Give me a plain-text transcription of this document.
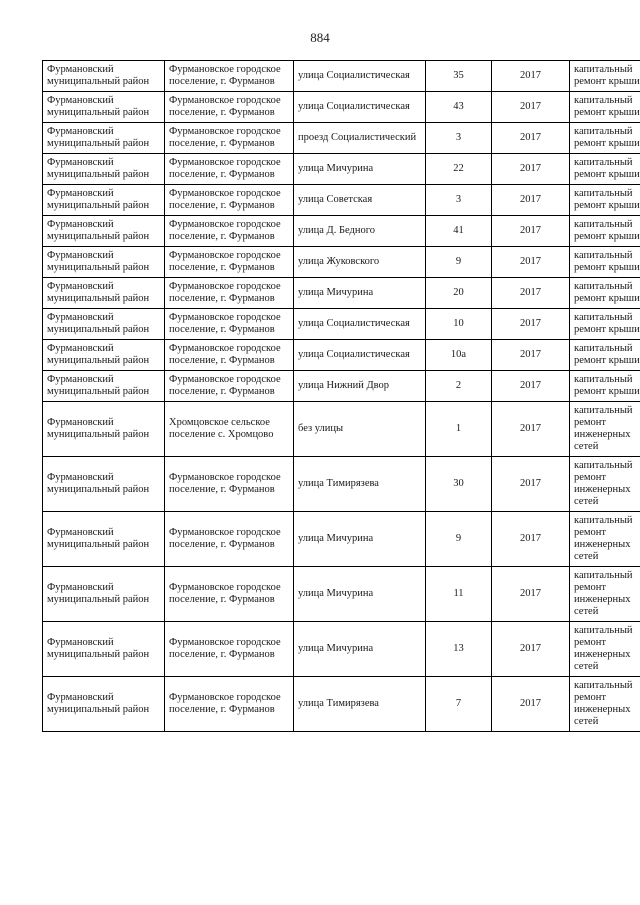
884
Фурмановский муниципальный район	Фурмановское городское поселение, г. Фурманов	улица Социалистическая	35	2017	капитальный ремонт крыши
Фурмановский муниципальный район	Фурмановское городское поселение, г. Фурманов	улица Социалистическая	43	2017	капитальный ремонт крыши
Фурмановский муниципальный район	Фурмановское городское поселение, г. Фурманов	проезд Социалистический	3	2017	капитальный ремонт крыши
Фурмановский муниципальный район	Фурмановское городское поселение, г. Фурманов	улица Мичурина	22	2017	капитальный ремонт крыши
Фурмановский муниципальный район	Фурмановское городское поселение, г. Фурманов	улица Советская	3	2017	капитальный ремонт крыши
Фурмановский муниципальный район	Фурмановское городское поселение, г. Фурманов	улица Д. Бедного	41	2017	капитальный ремонт крыши
Фурмановский муниципальный район	Фурмановское городское поселение, г. Фурманов	улица Жуковского	9	2017	капитальный ремонт крыши
Фурмановский муниципальный район	Фурмановское городское поселение, г. Фурманов	улица Мичурина	20	2017	капитальный ремонт крыши
Фурмановский муниципальный район	Фурмановское городское поселение, г. Фурманов	улица Социалистическая	10	2017	капитальный ремонт крыши
Фурмановский муниципальный район	Фурмановское городское поселение, г. Фурманов	улица Социалистическая	10а	2017	капитальный ремонт крыши
Фурмановский муниципальный район	Фурмановское городское поселение, г. Фурманов	улица Нижний Двор	2	2017	капитальный ремонт крыши
Фурмановский муниципальный район	Хромцовское сельское поселение с. Хромцово	без улицы	1	2017	капитальный ремонт инженерных сетей
Фурмановский муниципальный район	Фурмановское городское поселение, г. Фурманов	улица Тимирязева	30	2017	капитальный ремонт инженерных сетей
Фурмановский муниципальный район	Фурмановское городское поселение, г. Фурманов	улица Мичурина	9	2017	капитальный ремонт инженерных сетей
Фурмановский муниципальный район	Фурмановское городское поселение, г. Фурманов	улица Мичурина	11	2017	капитальный ремонт инженерных сетей
Фурмановский муниципальный район	Фурмановское городское поселение, г. Фурманов	улица Мичурина	13	2017	капитальный ремонт инженерных сетей
Фурмановский муниципальный район	Фурмановское городское поселение, г. Фурманов	улица Тимирязева	7	2017	капитальный ремонт инженерных сетей
